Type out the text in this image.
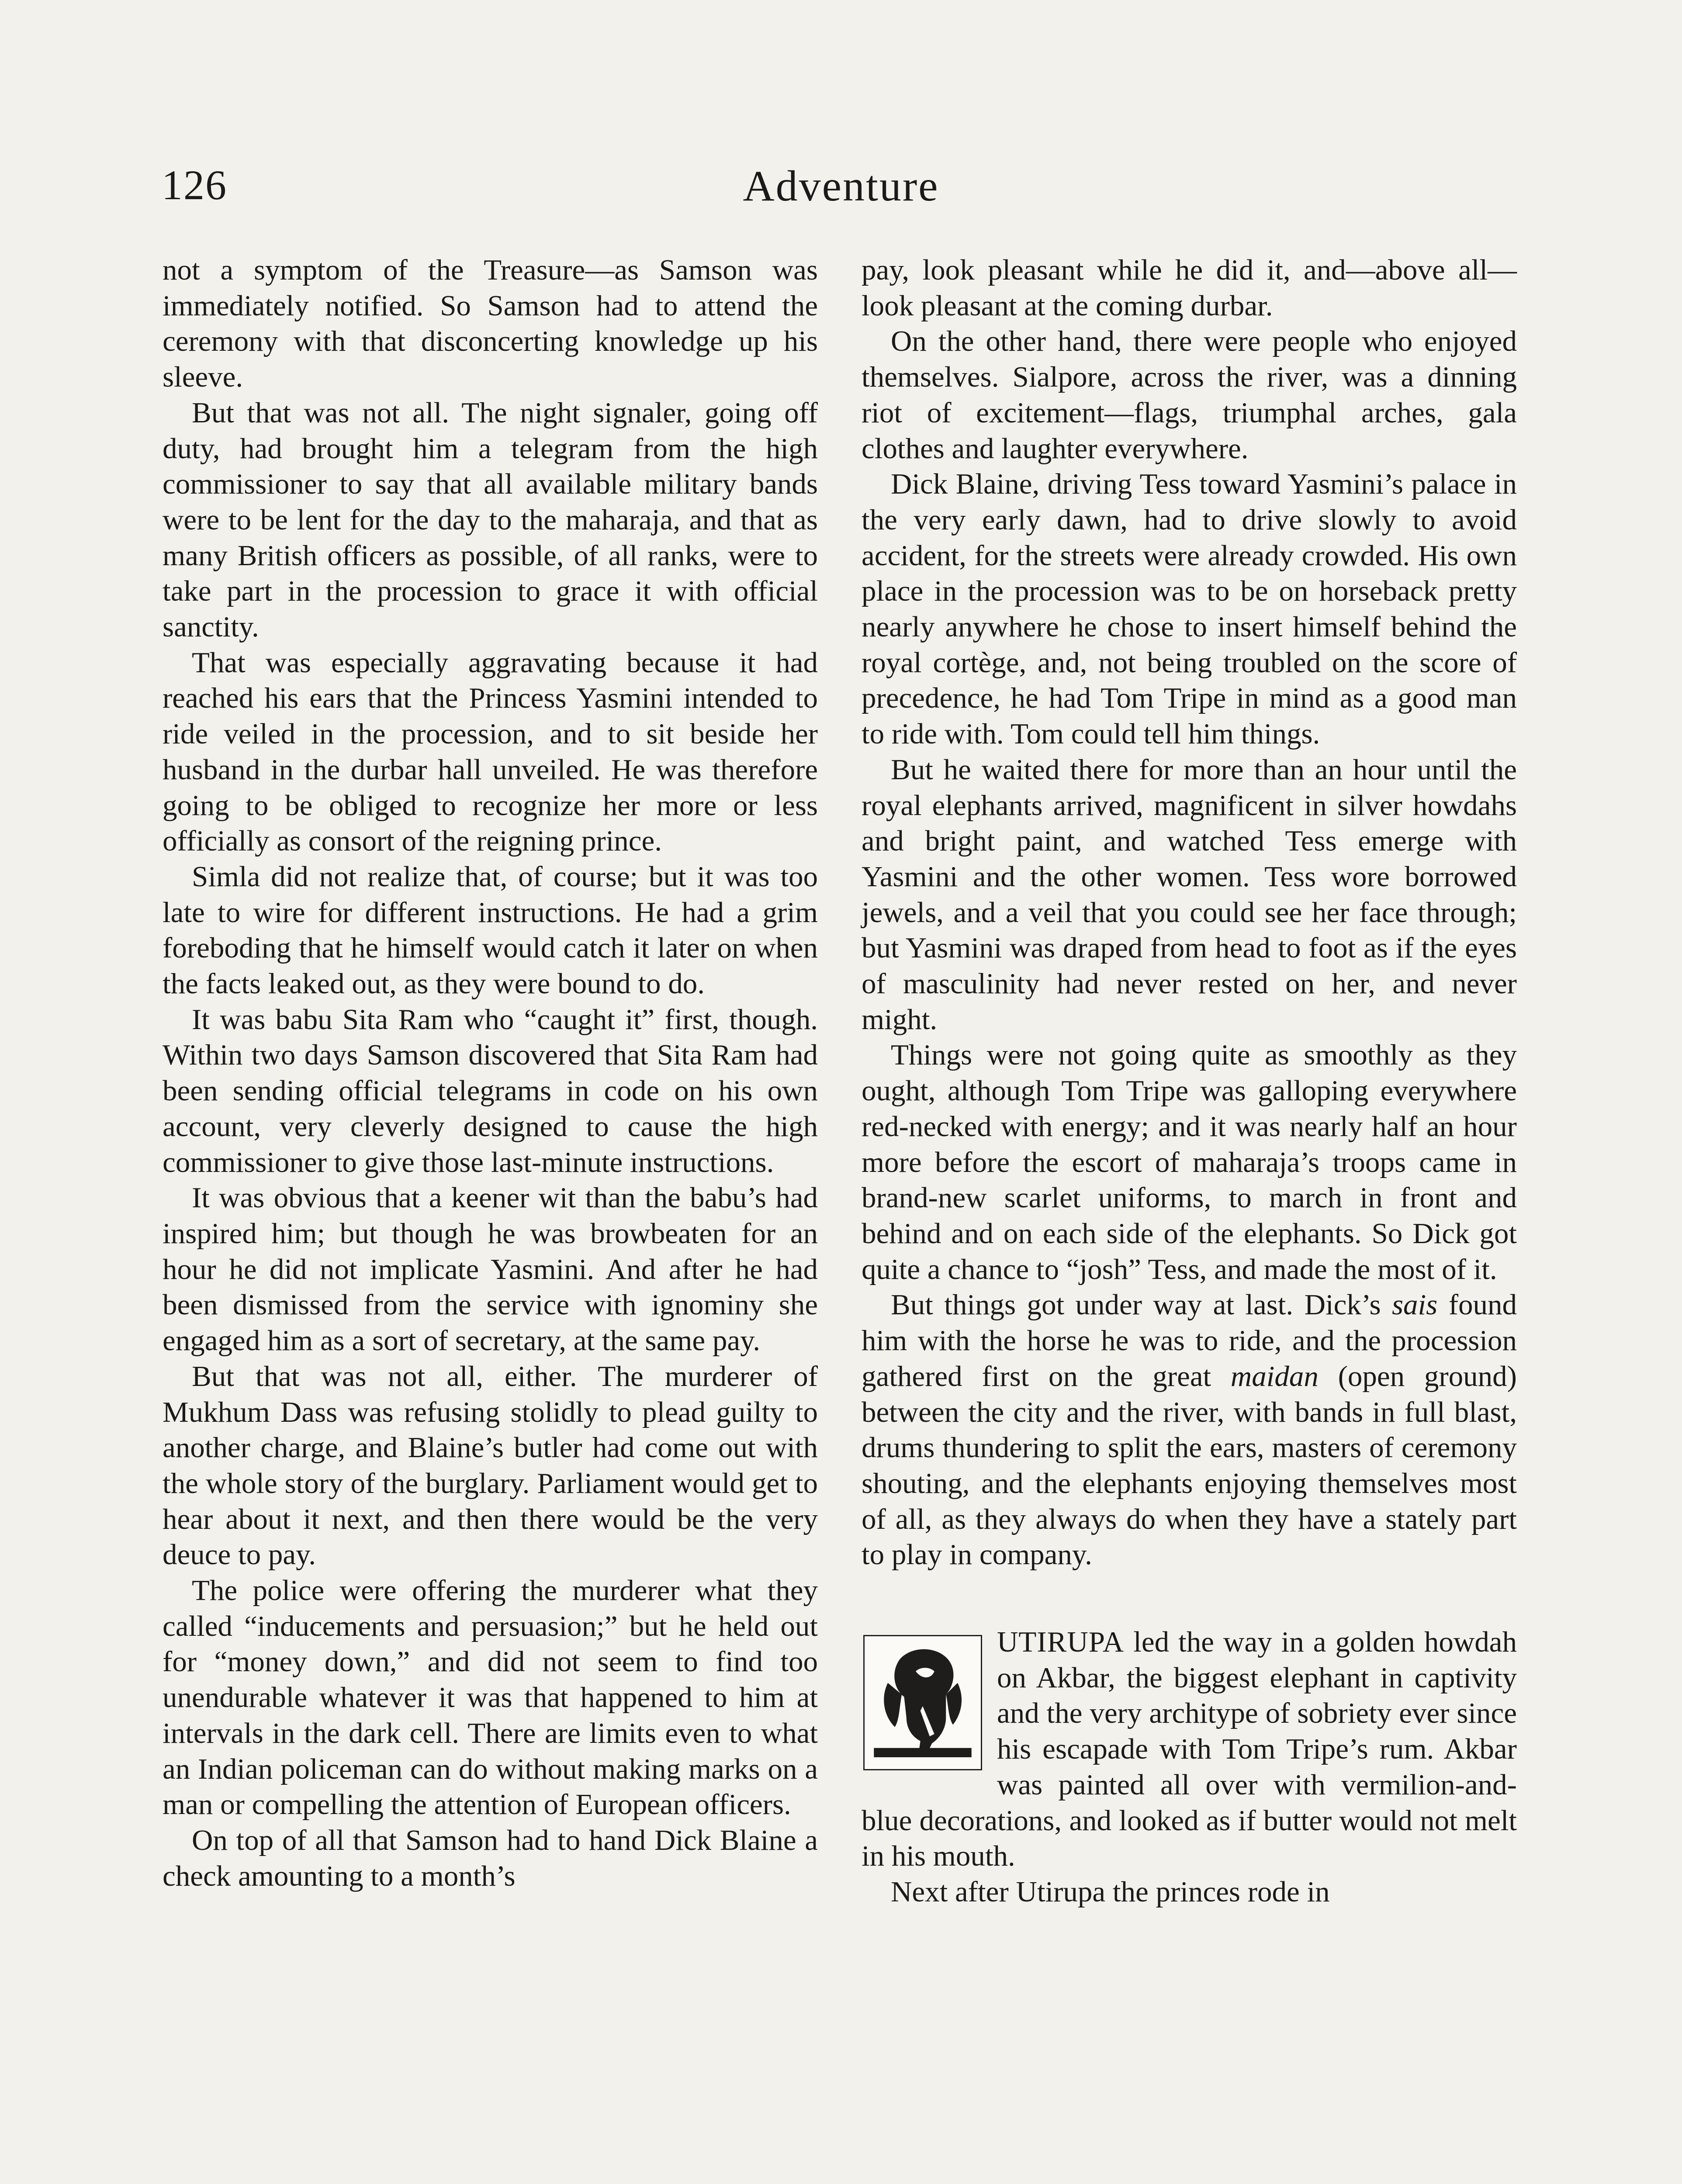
126	Adventure

not a symptom of the Treasure—as Samson was immediately notified. So Samson had to attend the ceremony with that disconcerting knowledge up his sleeve.

But that was not all. The night signaler, going off duty, had brought him a telegram from the high commissioner to say that all available military bands were to be lent for the day to the maharaja, and that as many British officers as possible, of all ranks, were to take part in the procession to grace it with official sanctity.

That was especially aggravating because it had reached his ears that the Princess Yasmini intended to ride veiled in the procession, and to sit beside her husband in the durbar hall unveiled. He was therefore going to be obliged to recognize her more or less officially as consort of the reigning prince.

Simla did not realize that, of course; but it was too late to wire for different instructions. He had a grim foreboding that he himself would catch it later on when the facts leaked out, as they were bound to do.

It was babu Sita Ram who “caught it” first, though. Within two days Samson discovered that Sita Ram had been sending official telegrams in code on his own account, very cleverly designed to cause the high commissioner to give those last-minute instructions.

It was obvious that a keener wit than the babu’s had inspired him; but though he was browbeaten for an hour he did not implicate Yasmini. And after he had been dismissed from the service with ignominy she engaged him as a sort of secretary, at the same pay.

But that was not all, either. The murderer of Mukhum Dass was refusing stolidly to plead guilty to another charge, and Blaine’s butler had come out with the whole story of the burglary. Parliament would get to hear about it next, and then there would be the very deuce to pay.

The police were offering the murderer what they called “inducements and persuasion;” but he held out for “money down,” and did not seem to find too unendurable whatever it was that happened to him at intervals in the dark cell. There are limits even to what an Indian policeman can do without making marks on a man or compelling the attention of European officers.

On top of all that Samson had to hand Dick Blaine a check amounting to a month’s

pay, look pleasant while he did it, and—above all—look pleasant at the coming durbar.

On the other hand, there were people who enjoyed themselves. Sialpore, across the river, was a dinning riot of excitement—flags, triumphal arches, gala clothes and laughter everywhere.

Dick Blaine, driving Tess toward Yasmini’s palace in the very early dawn, had to drive slowly to avoid accident, for the streets were already crowded. His own place in the procession was to be on horseback pretty nearly anywhere he chose to insert himself behind the royal cortège, and, not being troubled on the score of precedence, he had Tom Tripe in mind as a good man to ride with. Tom could tell him things.

But he waited there for more than an hour until the royal elephants arrived, magnificent in silver howdahs and bright paint, and watched Tess emerge with Yasmini and the other women. Tess wore borrowed jewels, and a veil that you could see her face through; but Yasmini was draped from head to foot as if the eyes of masculinity had never rested on her, and never might.

Things were not going quite as smoothly as they ought, although Tom Tripe was galloping everywhere red-necked with energy; and it was nearly half an hour more before the escort of maharaja’s troops came in brand-new scarlet uniforms, to march in front and behind and on each side of the elephants. So Dick got quite a chance to “josh” Tess, and made the most of it.

But things got under way at last. Dick’s sais found him with the horse he was to ride, and the procession gathered first on the great maidan (open ground) between the city and the river, with bands in full blast, drums thundering to split the ears, masters of ceremony shouting, and the elephants enjoying themselves most of all, as they always do when they have a stately part to play in company.

UTIRUPA led the way in a golden howdah on Akbar, the biggest elephant in captivity and the very architype of sobriety ever since his escapade with Tom Tripe’s rum. Akbar was painted all over with vermilion-and-blue decorations, and looked as if butter would not melt in his mouth.

Next after Utirupa the princes rode in
